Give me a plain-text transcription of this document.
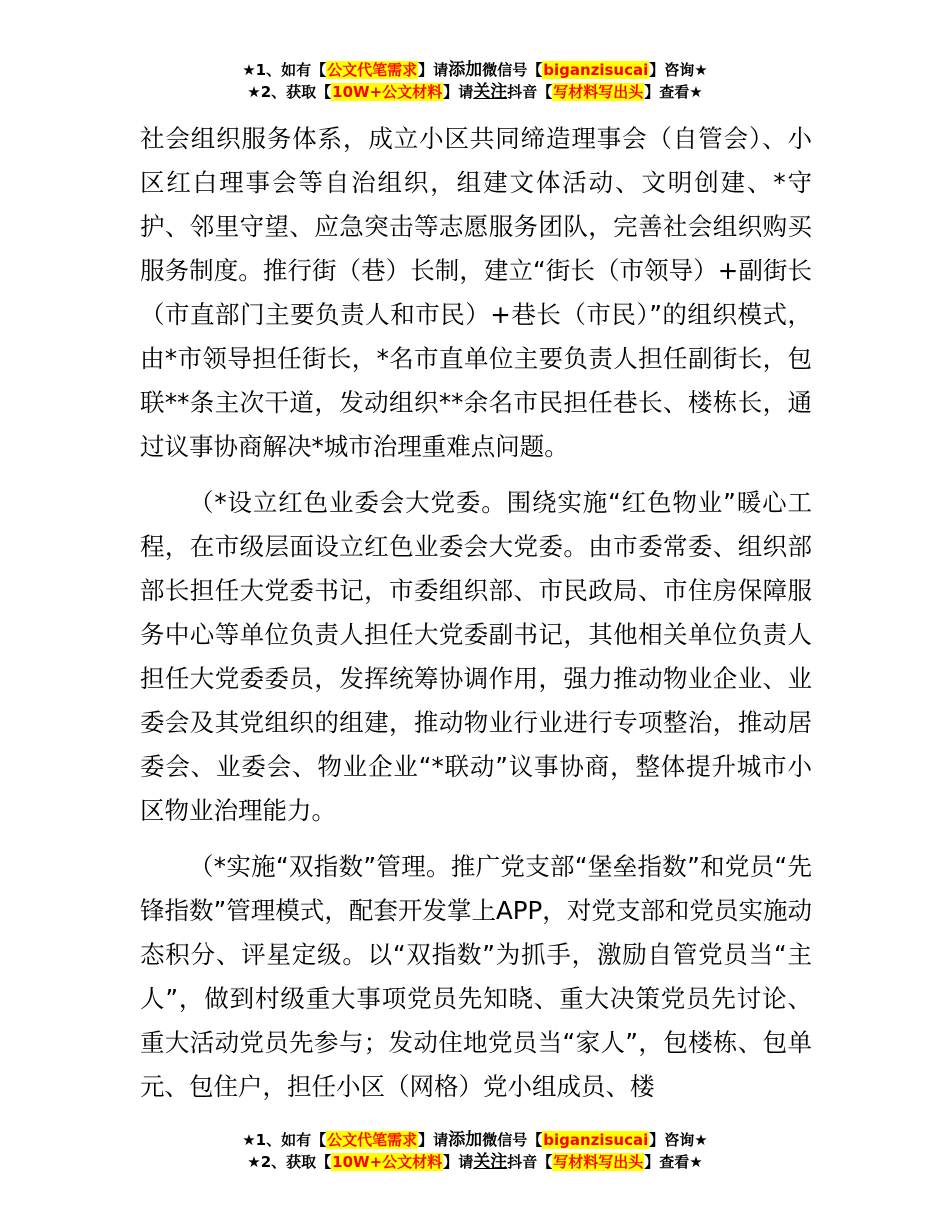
★1、如有【公文代笔需求】请添加微信号【biganzisucai】咨询★
★2、获取【10W+公文材料】请关注抖音【写材料写出头】查看★

社会组织服务体系，成立小区共同缔造理事会（自管会）、小区红白理事会等自治组织，组建文体活动、文明创建、*守护、邻里守望、应急突击等志愿服务团队，完善社会组织购买服务制度。推行街（巷）长制，建立“街长（市领导）+副街长（市直部门主要负责人和市民）+巷长（市民）”的组织模式，由*市领导担任街长，*名市直单位主要负责人担任副街长，包联**条主次干道，发动组织**余名市民担任巷长、楼栋长，通过议事协商解决*城市治理重难点问题。

（*设立红色业委会大党委。围绕实施“红色物业”暖心工程，在市级层面设立红色业委会大党委。由市委常委、组织部部长担任大党委书记，市委组织部、市民政局、市住房保障服务中心等单位负责人担任大党委副书记，其他相关单位负责人担任大党委委员，发挥统筹协调作用，强力推动物业企业、业委会及其党组织的组建，推动物业行业进行专项整治，推动居委会、业委会、物业企业“*联动”议事协商，整体提升城市小区物业治理能力。

（*实施“双指数”管理。推广党支部“堡垒指数”和党员“先锋指数”管理模式，配套开发掌上APP，对党支部和党员实施动态积分、评星定级。以“双指数”为抓手，激励自管党员当“主人”，做到村级重大事项党员先知晓、重大决策党员先讨论、重大活动党员先参与；发动住地党员当“家人”，包楼栋、包单元、包住户，担任小区（网格）党小组成员、楼

★1、如有【公文代笔需求】请添加微信号【biganzisucai】咨询★
★2、获取【10W+公文材料】请关注抖音【写材料写出头】查看★
